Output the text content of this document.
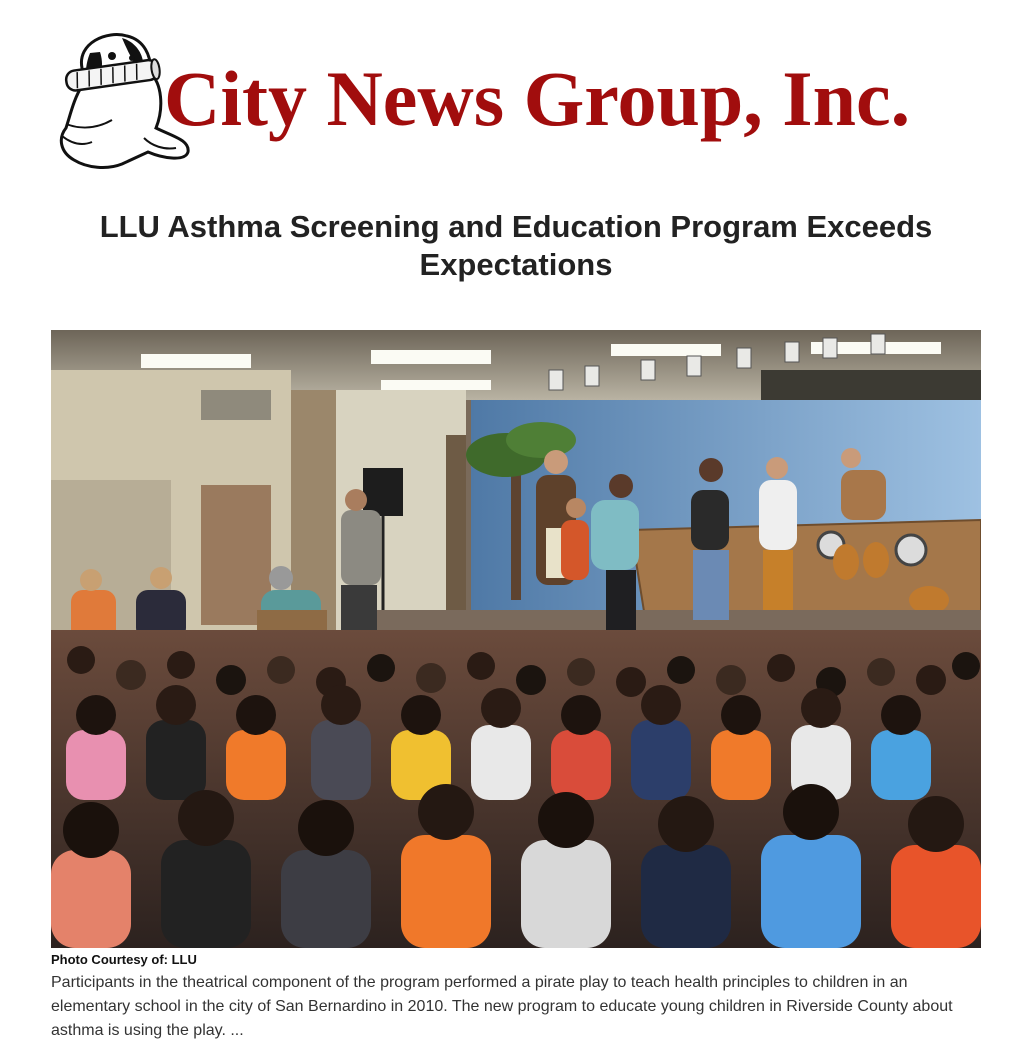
City News Group, Inc.
LLU Asthma Screening and Education Program Exceeds Expectations
Photo Courtesy of: LLU

Participants in the theatrical component of the program performed a pirate play to teach health principles to children in an elementary school in the city of San Bernardino in 2010. The new program to educate young children in Riverside County about asthma is using the play. ...
